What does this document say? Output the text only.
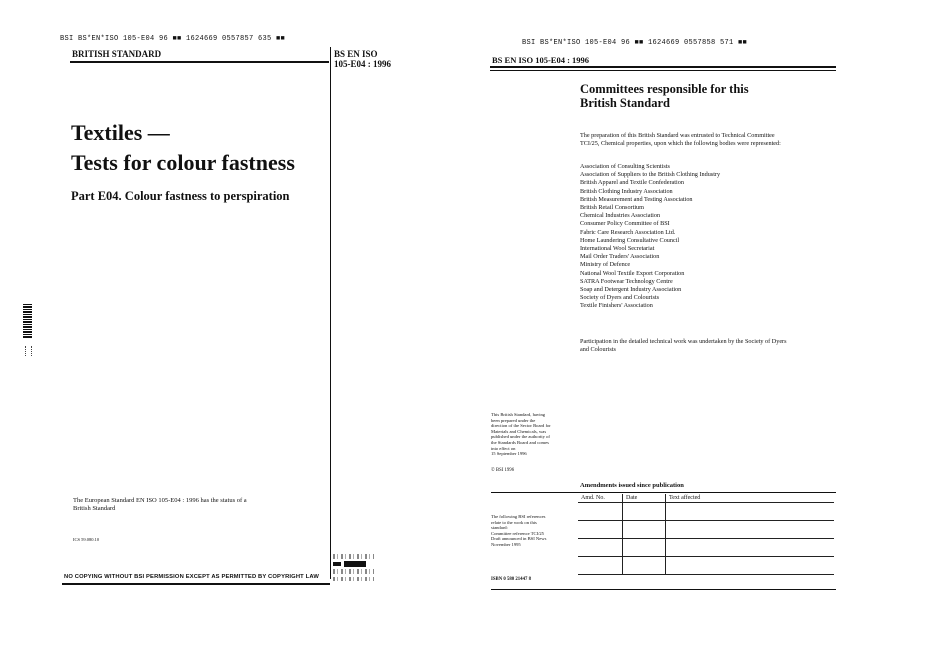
BSI BS*EN*ISO 105-E04 96 ■■ 1624669 0557857 635 ■■
BRITISH STANDARD	BS EN ISO
105-E04 : 1996
Textiles —
Tests for colour fastness
Part E04. Colour fastness to perspiration
The European Standard EN ISO 105-E04 : 1996 has the status of a
British Standard
ICS 59.080.10
NO COPYING WITHOUT BSI PERMISSION EXCEPT AS PERMITTED BY COPYRIGHT LAW
BSI BS*EN*ISO 105-E04 96 ■■ 1624669 0557858 571 ■■
BS EN ISO 105-E04 : 1996
Committees responsible for this
British Standard
The preparation of this British Standard was entrusted to Technical Committee
TCI/25, Chemical properties, upon which the following bodies were represented:
Association of Consulting Scientists
Association of Suppliers to the British Clothing Industry
British Apparel and Textile Confederation
British Clothing Industry Association
British Measurement and Testing Association
British Retail Consortium
Chemical Industries Association
Consumer Policy Committee of BSI
Fabric Care Research Association Ltd.
Home Laundering Consultative Council
International Wool Secretariat
Mail Order Traders' Association
Ministry of Defence
National Wool Textile Export Corporation
SATRA Footwear Technology Centre
Soap and Detergent Industry Association
Society of Dyers and Colourists
Textile Finishers' Association
Participation in the detailed technical work was undertaken by the Society of Dyers
and Colourists
This British Standard, having
been prepared under the
direction of the Sector Board for
Materials and Chemicals, was
published under the authority of
the Standards Board and comes
into effect on
15 September 1996
© BSI 1996
Amendments issued since publication
Amd. No.	Date	Text affected

The following BSI references
relate to the work on this
standard:
Committee reference TCI/25
Draft announced in BSI News
November 1995
ISBN 0 580 21447 8
